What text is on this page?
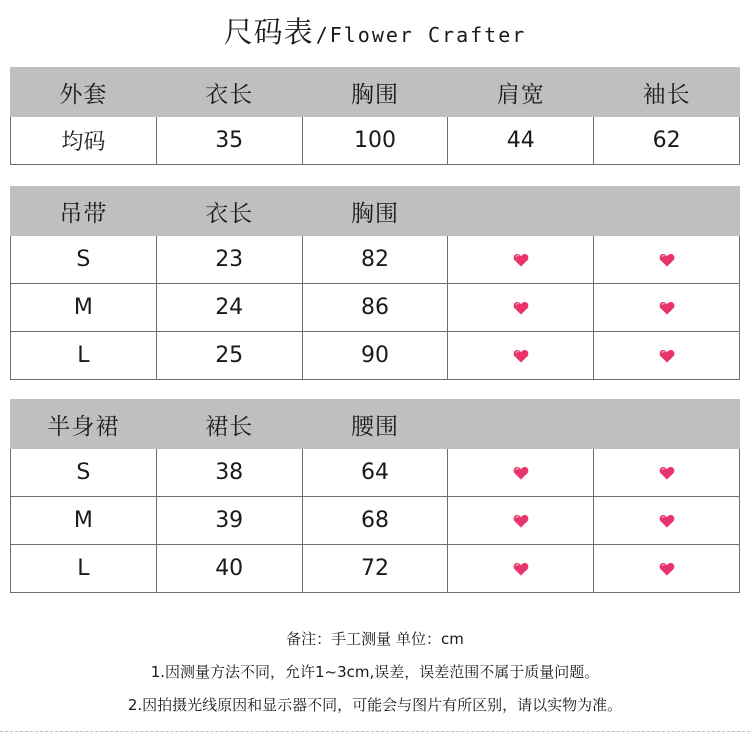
尺码表 /Flower Crafter
外套	衣长	胸围	肩宽	袖长
均码	35	100	44	62
吊带	衣长	胸围		
S	23	82	

M	24	86	

L	25	90	

半身裙	裙长	腰围		
S	38	64	

M	39	68	

L	40	72	

备注：手工测量 单位：cm
1.因测量方法不同，允许1~3cm,误差，误差范围不属于质量问题。
2.因拍摄光线原因和显示器不同，可能会与图片有所区别，请以实物为准。
